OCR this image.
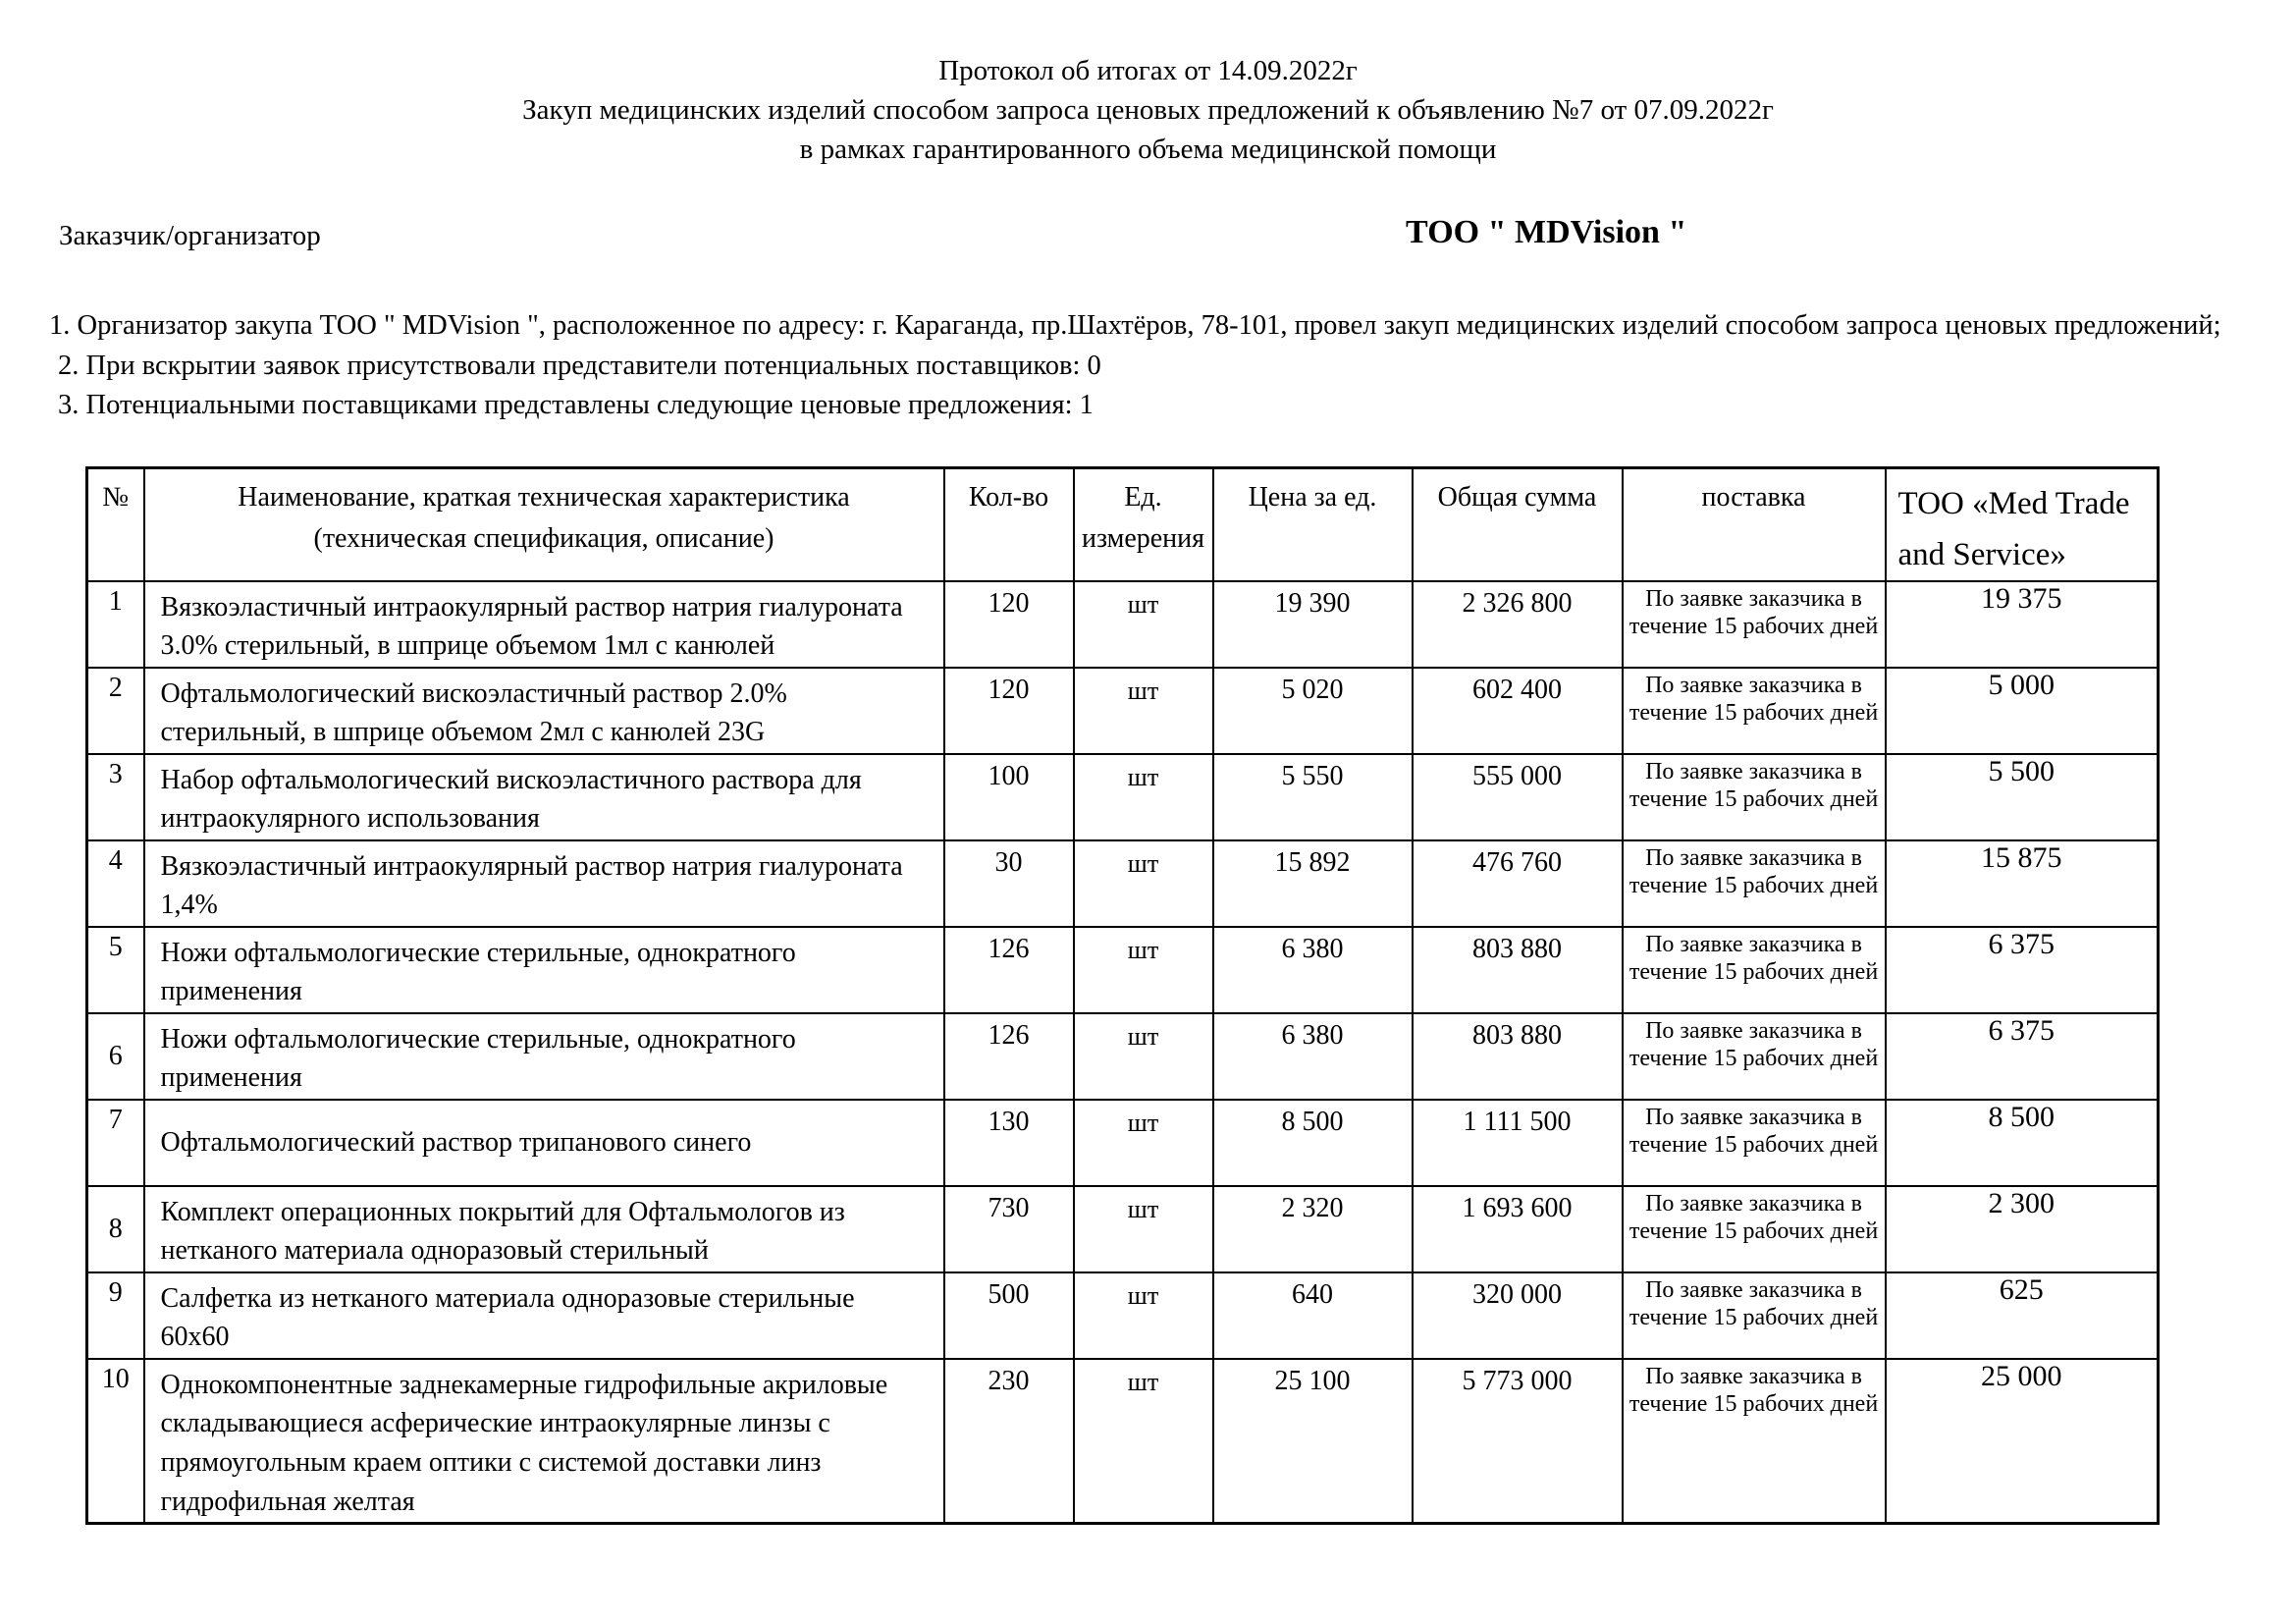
Протокол об итогах от 14.09.2022г
Закуп медицинских изделий способом запроса ценовых предложений к объявлению №7 от 07.09.2022г
в рамках гарантированного объема медицинской помощи
Заказчик/организатор	ТОО " MDVision "
1. Организатор закупа ТОО " MDVision ", расположенное по адресу: г. Караганда, пр.Шахтёров, 78-101, провел закуп медицинских изделий способом запроса ценовых предложений;
2. При вскрытии заявок присутствовали представители потенциальных поставщиков: 0
3. Потенциальными поставщиками представлены следующие ценовые предложения: 1
№	Наименование, краткая техническая характеристика (техническая спецификация, описание)	Кол-во	Ед. измерения	Цена за ед.	Общая сумма	поставка	ТОО «Med Trade and Service»
1	Вязкоэластичный интраокулярный раствор натрия гиалуроната 3.0% стерильный, в шприце объемом 1мл с канюлей	120	шт	19 390	2 326 800	По заявке заказчика в течение 15 рабочих дней	19 375
2	Офтальмологический вискоэластичный раствор 2.0% стерильный, в шприце объемом 2мл с канюлей 23G	120	шт	5 020	602 400	По заявке заказчика в течение 15 рабочих дней	5 000
3	Набор офтальмологический вискоэластичного раствора для интраокулярного использования	100	шт	5 550	555 000	По заявке заказчика в течение 15 рабочих дней	5 500
4	Вязкоэластичный интраокулярный раствор натрия гиалуроната 1,4%	30	шт	15 892	476 760	По заявке заказчика в течение 15 рабочих дней	15 875
5	Ножи офтальмологические стерильные, однократного применения	126	шт	6 380	803 880	По заявке заказчика в течение 15 рабочих дней	6 375
6	Ножи офтальмологические стерильные, однократного применения	126	шт	6 380	803 880	По заявке заказчика в течение 15 рабочих дней	6 375
7	Офтальмологический раствор трипанового синего	130	шт	8 500	1 111 500	По заявке заказчика в течение 15 рабочих дней	8 500
8	Комплект операционных покрытий для Офтальмологов из нетканого материала одноразовый стерильный	730	шт	2 320	1 693 600	По заявке заказчика в течение 15 рабочих дней	2 300
9	Салфетка из нетканого материала одноразовые стерильные 60х60	500	шт	640	320 000	По заявке заказчика в течение 15 рабочих дней	625
10	Однокомпонентные заднекамерные гидрофильные акриловые складывающиеся асферические интраокулярные линзы с прямоугольным краем оптики с системой доставки линз гидрофильная желтая	230	шт	25 100	5 773 000	По заявке заказчика в течение 15 рабочих дней	25 000
